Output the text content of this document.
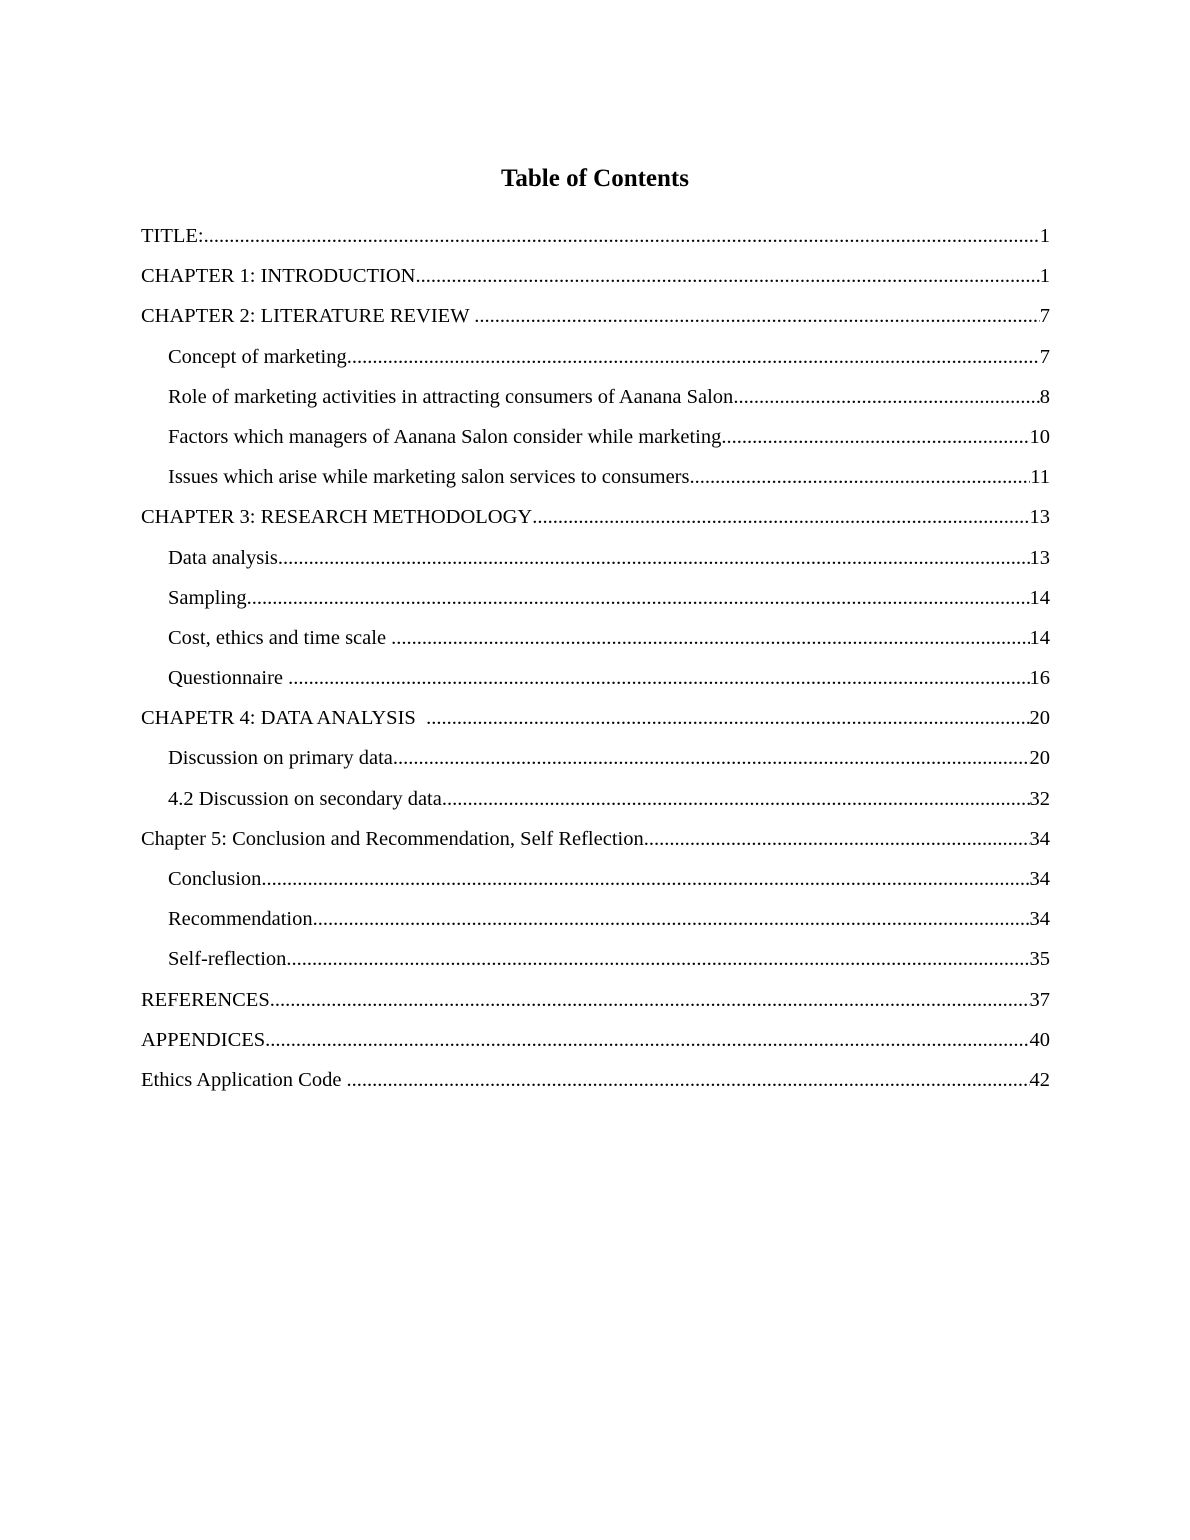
Table of Contents
TITLE: .....	1
CHAPTER 1: INTRODUCTION .....	1
CHAPTER 2: LITERATURE REVIEW .....	7
Concept of marketing .....	7
Role of marketing activities in attracting consumers of Aanana Salon .....	8
Factors which managers of Aanana Salon consider while marketing .....	10
Issues which arise while marketing salon services to consumers .....	11
CHAPTER 3: RESEARCH METHODOLOGY .....	13
Data analysis .....	13
Sampling .....	14
Cost, ethics and time scale .....	14
Questionnaire .....	16
CHAPETR 4: DATA ANALYSIS .....	20
Discussion on primary data .....	20
4.2 Discussion on secondary data .....	32
Chapter 5: Conclusion and Recommendation, Self Reflection .....	34
Conclusion .....	34
Recommendation .....	34
Self-reflection .....	35
REFERENCES .....	37
APPENDICES .....	40
Ethics Application Code .....	42
